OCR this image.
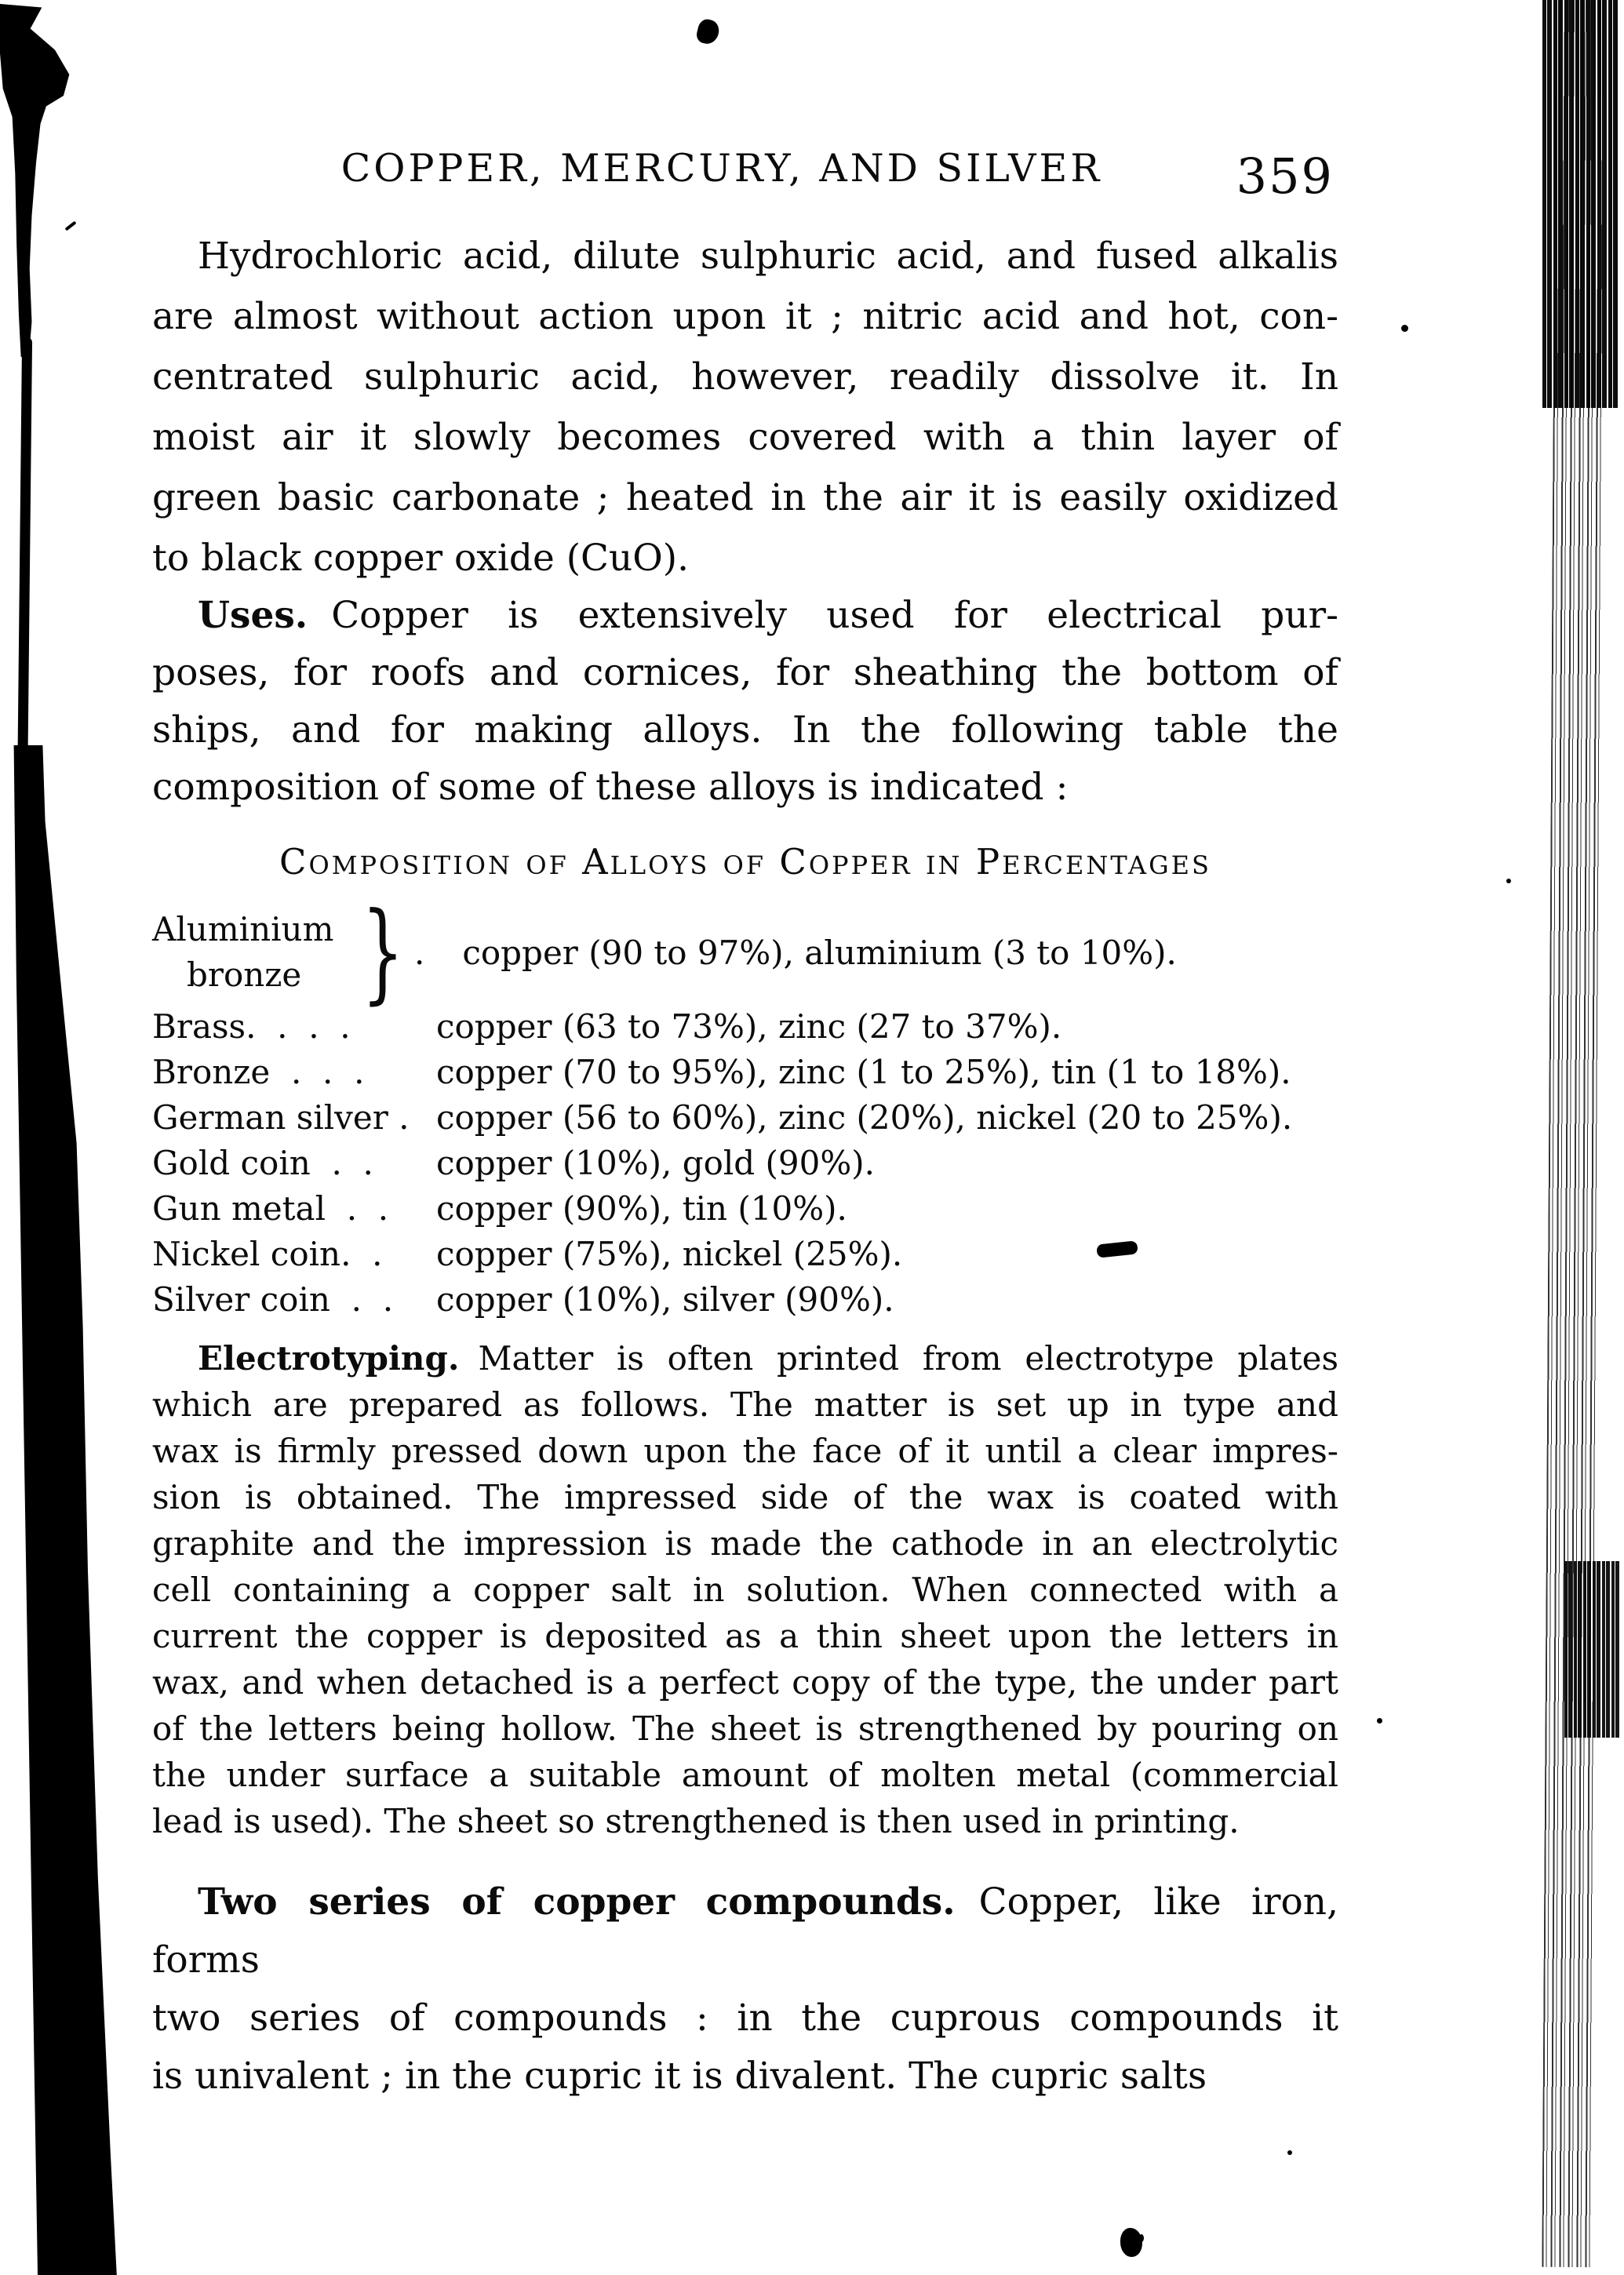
COPPER, MERCURY, AND SILVER	359
Hydrochloric acid, dilute sulphuric acid, and fused alkalis
are almost without action upon it ; nitric acid and hot, con-
centrated sulphuric acid, however, readily dissolve it. In
moist air it slowly becomes covered with a thin layer of
green basic carbonate ; heated in the air it is easily oxidized
to black copper oxide (CuO).
Uses. Copper is extensively used for electrical pur-
poses, for roofs and cornices, for sheathing the bottom of
ships, and for making alloys. In the following table the
composition of some of these alloys is indicated :
Composition of Alloys of Copper in Percentages
Aluminium
bronze } . copper (90 to 97%), aluminium (3 to 10%).
Brass.  .  .  .	copper (63 to 73%), zinc (27 to 37%).
Bronze  .  .  .	copper (70 to 95%), zinc (1 to 25%), tin (1 to 18%).
German silver . copper (56 to 60%), zinc (20%), nickel (20 to 25%).
Gold coin  .  .	copper (10%), gold (90%).
Gun metal  .  .	copper (90%), tin (10%).
Nickel coin.  .	copper (75%), nickel (25%).
Silver coin  .  .	copper (10%), silver (90%).
Electrotyping. Matter is often printed from electrotype plates
which are prepared as follows. The matter is set up in type and
wax is firmly pressed down upon the face of it until a clear impres-
sion is obtained. The impressed side of the wax is coated with
graphite and the impression is made the cathode in an electrolytic
cell containing a copper salt in solution. When connected with a
current the copper is deposited as a thin sheet upon the letters in
wax, and when detached is a perfect copy of the type, the under part
of the letters being hollow. The sheet is strengthened by pouring on
the under surface a suitable amount of molten metal (commercial
lead is used). The sheet so strengthened is then used in printing.
Two series of copper compounds. Copper, like iron, forms
two series of compounds : in the cuprous compounds it
is univalent ; in the cupric it is divalent. The cupric salts
